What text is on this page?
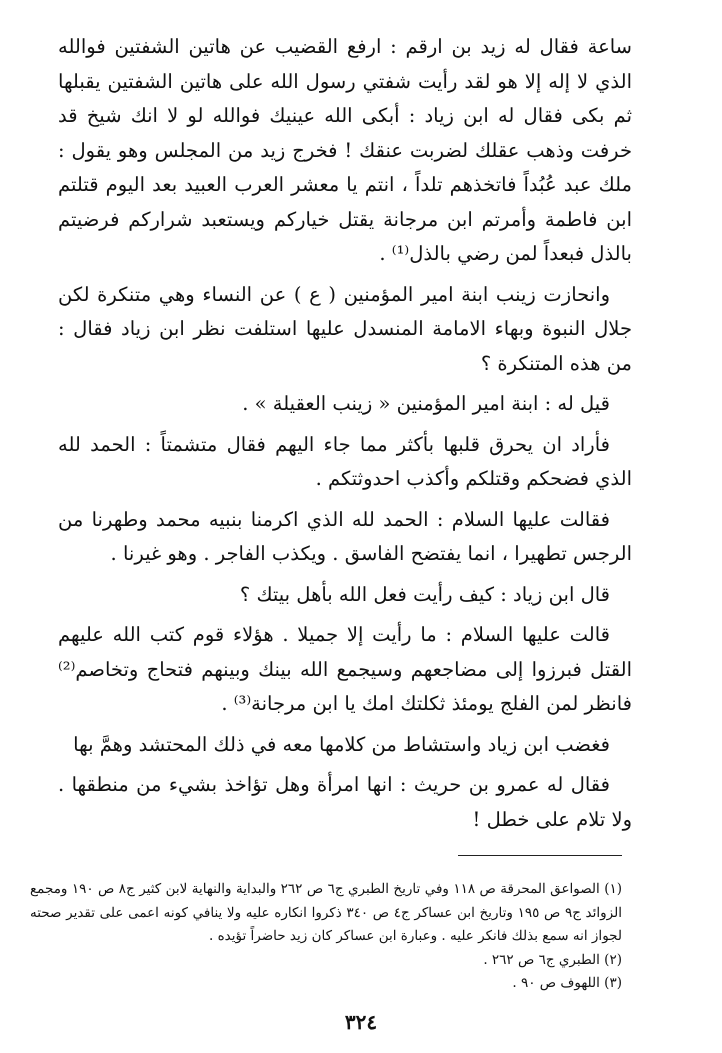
ساعة فقال له زيد بن ارقم : ارفع القضيب عن هاتين الشفتين فوالله الذي لا إله إلا هو لقد رأيت شفتي رسول الله على هاتين الشفتين يقبلها ثم بكى فقال له ابن زياد : أبكى الله عينيك فوالله لو لا انك شيخ قد خرفت وذهب عقلك لضربت عنقك ! فخرج زيد من المجلس وهو يقول : ملك عبد عُبُداً فاتخذهم تلداً ، انتم يا معشر العرب العبيد بعد اليوم قتلتم ابن فاطمة وأمرتم ابن مرجانة يقتل خياركم ويستعبد شراركم فرضيتم بالذل فبعداً لمن رضي بالذل⁽¹⁾ .

وانحازت زينب ابنة امير المؤمنين ( ع ) عن النساء وهي متنكرة لكن جلال النبوة وبهاء الامامة المنسدل عليها استلفت نظر ابن زياد فقال : من هذه المتنكرة ؟

قيل له : ابنة امير المؤمنين « زينب العقيلة » .

فأراد ان يحرق قلبها بأكثر مما جاء اليهم فقال متشمتاً : الحمد لله الذي فضحكم وقتلكم وأكذب احدوثتكم .

فقالت عليها السلام : الحمد لله الذي اكرمنا بنبيه محمد وطهرنا من الرجس تطهيرا ، انما يفتضح الفاسق . ويكذب الفاجر . وهو غيرنا .

قال ابن زياد : كيف رأيت فعل الله بأهل بيتك ؟

قالت عليها السلام : ما رأيت إلا جميلا . هؤلاء قوم كتب الله عليهم القتل فبرزوا إلى مضاجعهم وسيجمع الله بينك وبينهم فتحاج وتخاصم⁽²⁾ فانظر لمن الفلج يومئذ ثكلتك امك يا ابن مرجانة⁽³⁾ .

فغضب ابن زياد واستشاط من كلامها معه في ذلك المحتشد وهمَّ بها

فقال له عمرو بن حريث : انها امرأة وهل تؤاخذ بشيء من منطقها . ولا تلام على خطل !

(١) الصواعق المحرقة ص ١١٨ وفي تاريخ الطبري ج٦ ص ٢٦٢ والبداية والنهاية لابن كثير ج٨ ص ١٩٠ ومجمع الزوائد ج٩ ص ١٩٥ وتاريخ ابن عساكر ج٤ ص ٣٤٠ ذكروا انكاره عليه ولا ينافي كونه اعمى على تقدير صحته لجواز انه سمع بذلك فانكر عليه . وعبارة ابن عساكر كان زيد حاضراً تؤيده .

(٢) الطبري ج٦ ص ٢٦٢ .

(٣) اللهوف ص ٩٠ .

٣٢٤
